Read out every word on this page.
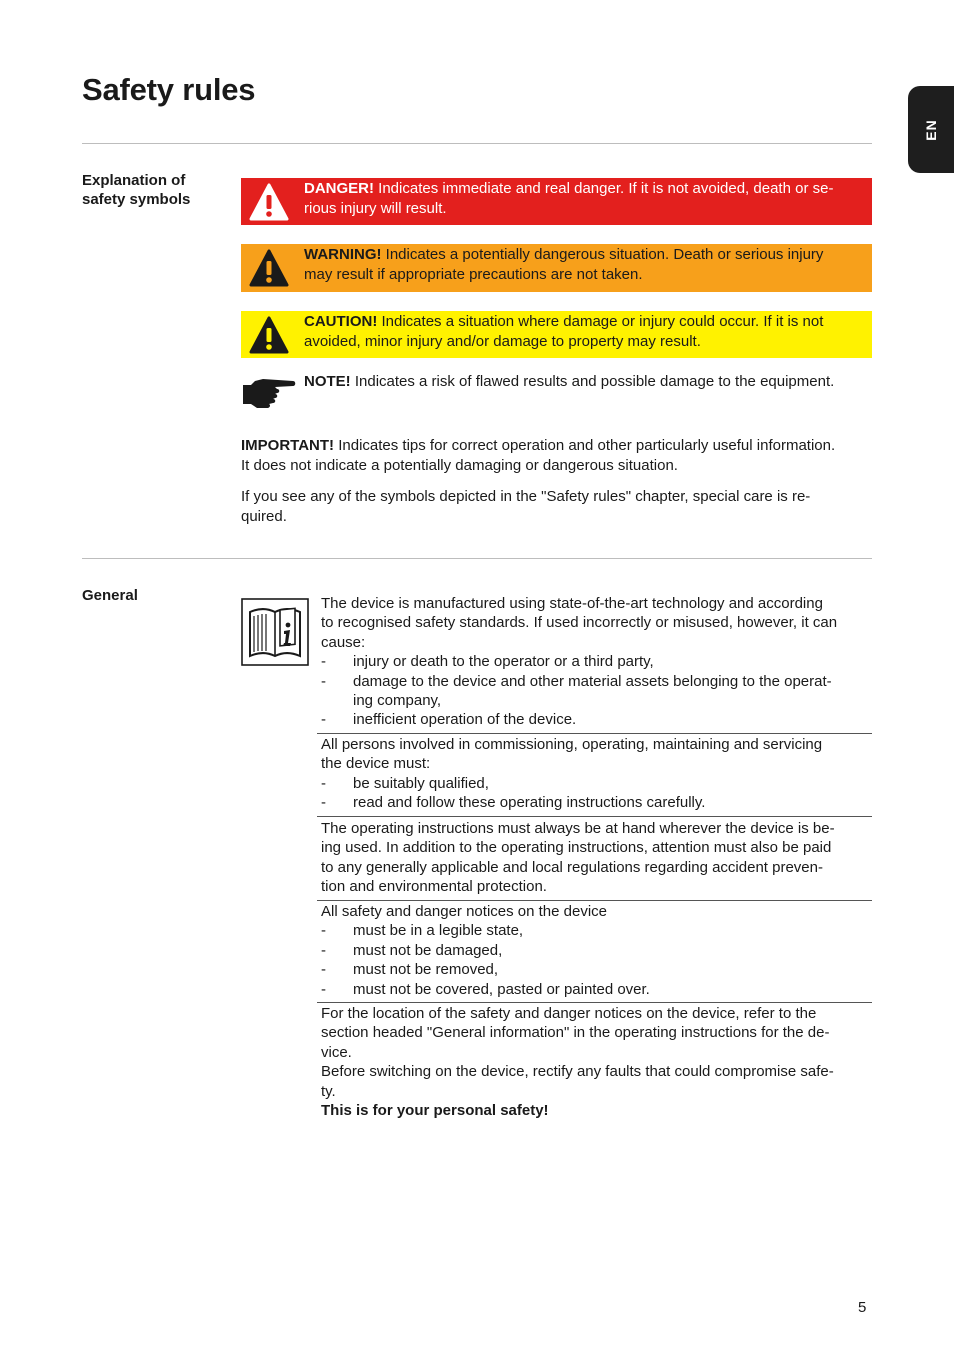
Safety rules
EN
Explanation of
safety symbols
DANGER! Indicates immediate and real danger. If it is not avoided, death or se-
rious injury will result.
WARNING! Indicates a potentially dangerous situation. Death or serious injury
may result if appropriate precautions are not taken.
CAUTION! Indicates a situation where damage or injury could occur. If it is not
avoided, minor injury and/or damage to property may result.
NOTE! Indicates a risk of flawed results and possible damage to the equipment.

IMPORTANT! Indicates tips for correct operation and other particularly useful information.
It does not indicate a potentially damaging or dangerous situation.

If you see any of the symbols depicted in the "Safety rules" chapter, special care is re-
quired.

General	The device is manufactured using state-of-the-art technology and according
to recognised safety standards. If used incorrectly or misused, however, it can
cause:
- injury or death to the operator or a third party,
- damage to the device and other material assets belonging to the operat-
ing company,
- inefficient operation of the device.
All persons involved in commissioning, operating, maintaining and servicing
the device must:
- be suitably qualified,
- read and follow these operating instructions carefully.
The operating instructions must always be at hand wherever the device is be-
ing used. In addition to the operating instructions, attention must also be paid
to any generally applicable and local regulations regarding accident preven-
tion and environmental protection.
All safety and danger notices on the device
- must be in a legible state,
- must not be damaged,
- must not be removed,
- must not be covered, pasted or painted over.
For the location of the safety and danger notices on the device, refer to the
section headed "General information" in the operating instructions for the de-
vice.
Before switching on the device, rectify any faults that could compromise safe-
ty.
This is for your personal safety!
5
